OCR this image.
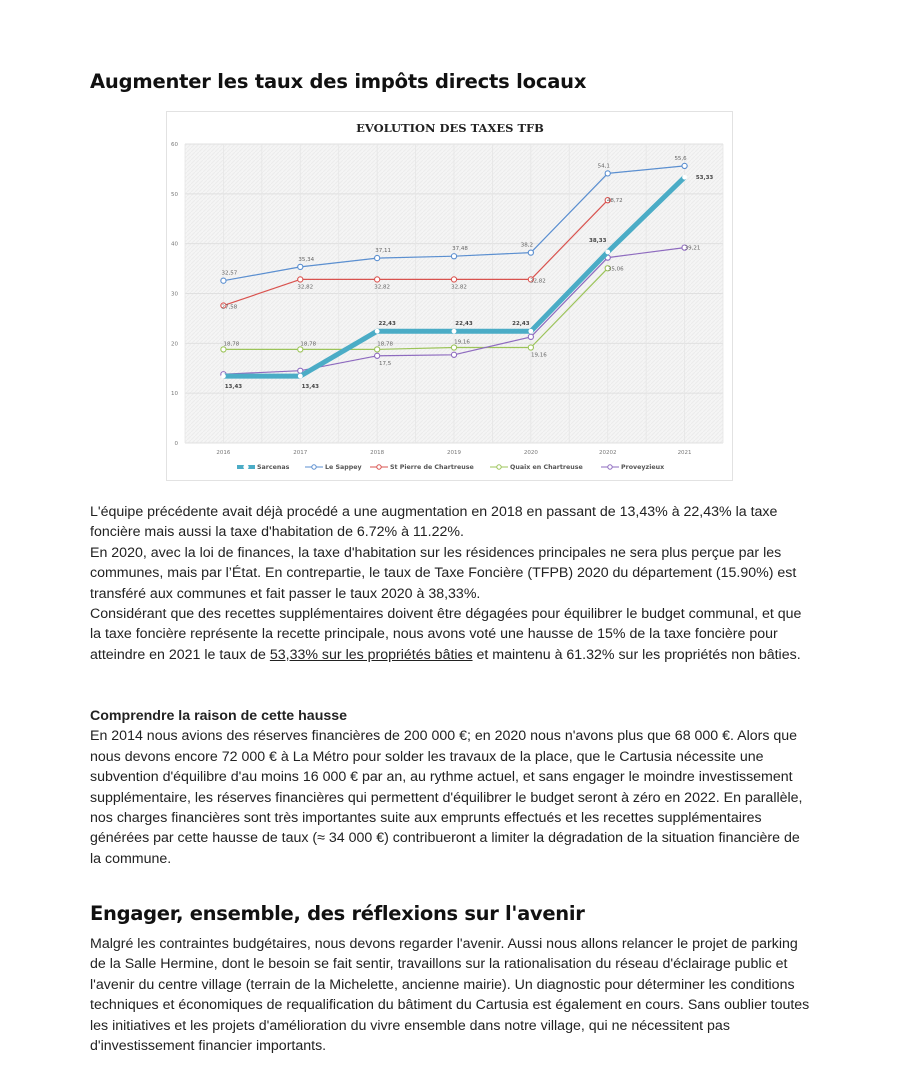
Augmenter les taux des impôts directs locaux
EVOLUTION DES TAXES TFB
0
10
20
30
40
50
60
2016	2017	2018	2019	2020	20202	2021
32,57
35,34
37,11	37,48
38,2
54,1
55,6
27,58
32,82	32,82	32,82
32,82
48,72
18,78	18,78	18,78	19,16
19,16
35,06
17,5
39,21
13,43	13,43
22,43	22,43	22,43
38,33
53,33
Sarcenas	Le Sappey	St Pierre de Chartreuse	Quaix en Chartreuse	Proveyzieux

L'équipe précédente avait déjà procédé a une augmentation en 2018 en passant de 13,43% à 22,43% la taxe foncière mais aussi la taxe d'habitation de 6.72% à 11.22%.

En 2020, avec la loi de finances, la taxe d'habitation sur les résidences principales ne sera plus perçue par les communes, mais par l’État. En contrepartie, le taux de Taxe Foncière (TFPB) 2020 du département (15.90%) est transféré aux communes et fait passer le taux 2020 à 38,33%.

Considérant que des recettes supplémentaires doivent être dégagées pour équilibrer le budget communal, et que la taxe foncière représente la recette principale, nous avons voté une hausse de 15% de la taxe foncière pour atteindre en 2021 le taux de 53,33% sur les propriétés bâties et maintenu à 61.32% sur les propriétés non bâties.

Comprendre la raison de cette hausse

En 2014 nous avions des réserves financières de 200 000 €; en 2020 nous n'avons plus que 68 000 €. Alors que nous devons encore 72 000 € à La Métro pour solder les travaux de la place, que le Cartusia nécessite une subvention d'équilibre d'au moins 16 000 € par an, au rythme actuel, et sans engager le moindre investissement supplémentaire, les réserves financières qui permettent d'équilibrer le budget seront à zéro en 2022. En parallèle, nos charges financières sont très importantes suite aux emprunts effectués et les recettes supplémentaires générées par cette hausse de taux (≈ 34 000 €) contribueront a limiter la dégradation de la situation financière de la commune.

Engager, ensemble, des réflexions sur l'avenir

Malgré les contraintes budgétaires, nous devons regarder l'avenir. Aussi nous allons relancer le projet de parking de la Salle Hermine, dont le besoin se fait sentir, travaillons sur la rationalisation du réseau d'éclairage public et l'avenir du centre village (terrain de la Michelette, ancienne mairie). Un diagnostic pour déterminer les conditions techniques et économiques de requalification du bâtiment du Cartusia est également en cours. Sans oublier toutes les initiatives et les projets d'amélioration du vivre ensemble dans notre village, qui ne nécessitent pas d'investissement financier importants.
